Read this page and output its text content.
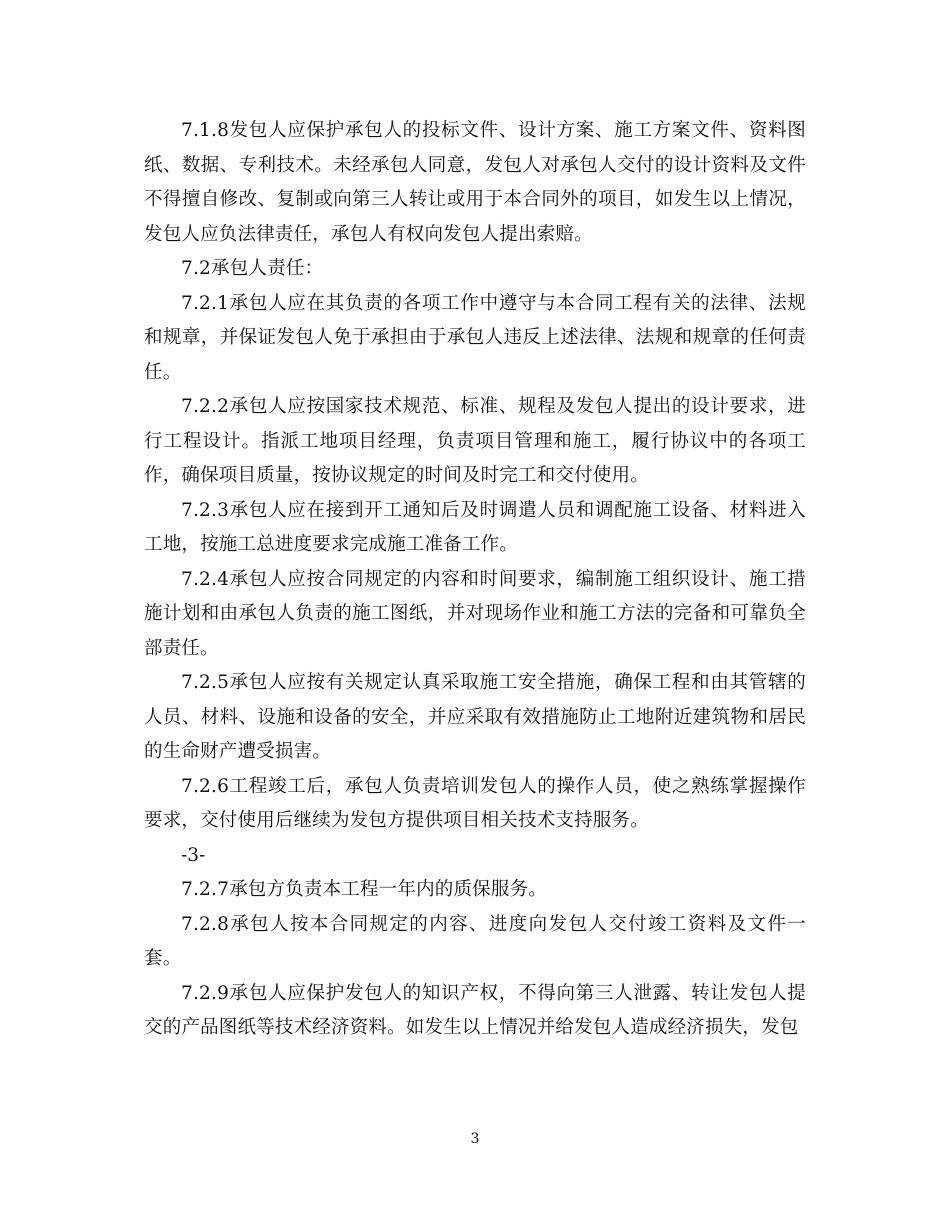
7.1.8发包人应保护承包人的投标文件、设计方案、施工方案文件、资料图纸、数据、专利技术。未经承包人同意，发包人对承包人交付的设计资料及文件不得擅自修改、复制或向第三人转让或用于本合同外的项目，如发生以上情况，发包人应负法律责任，承包人有权向发包人提出索赔。

7.2承包人责任：

7.2.1承包人应在其负责的各项工作中遵守与本合同工程有关的法律、法规和规章，并保证发包人免于承担由于承包人违反上述法律、法规和规章的任何责任。

7.2.2承包人应按国家技术规范、标准、规程及发包人提出的设计要求，进行工程设计。指派工地项目经理，负责项目管理和施工，履行协议中的各项工作，确保项目质量，按协议规定的时间及时完工和交付使用。

7.2.3承包人应在接到开工通知后及时调遣人员和调配施工设备、材料进入工地，按施工总进度要求完成施工准备工作。

7.2.4承包人应按合同规定的内容和时间要求，编制施工组织设计、施工措施计划和由承包人负责的施工图纸，并对现场作业和施工方法的完备和可靠负全部责任。

7.2.5承包人应按有关规定认真采取施工安全措施，确保工程和由其管辖的人员、材料、设施和设备的安全，并应采取有效措施防止工地附近建筑物和居民的生命财产遭受损害。

7.2.6工程竣工后，承包人负责培训发包人的操作人员，使之熟练掌握操作要求，交付使用后继续为发包方提供项目相关技术支持服务。

-3-

7.2.7承包方负责本工程一年内的质保服务。

7.2.8承包人按本合同规定的内容、进度向发包人交付竣工资料及文件一套。

7.2.9承包人应保护发包人的知识产权，不得向第三人泄露、转让发包人提交的产品图纸等技术经济资料。如发生以上情况并给发包人造成经济损失，发包

3
